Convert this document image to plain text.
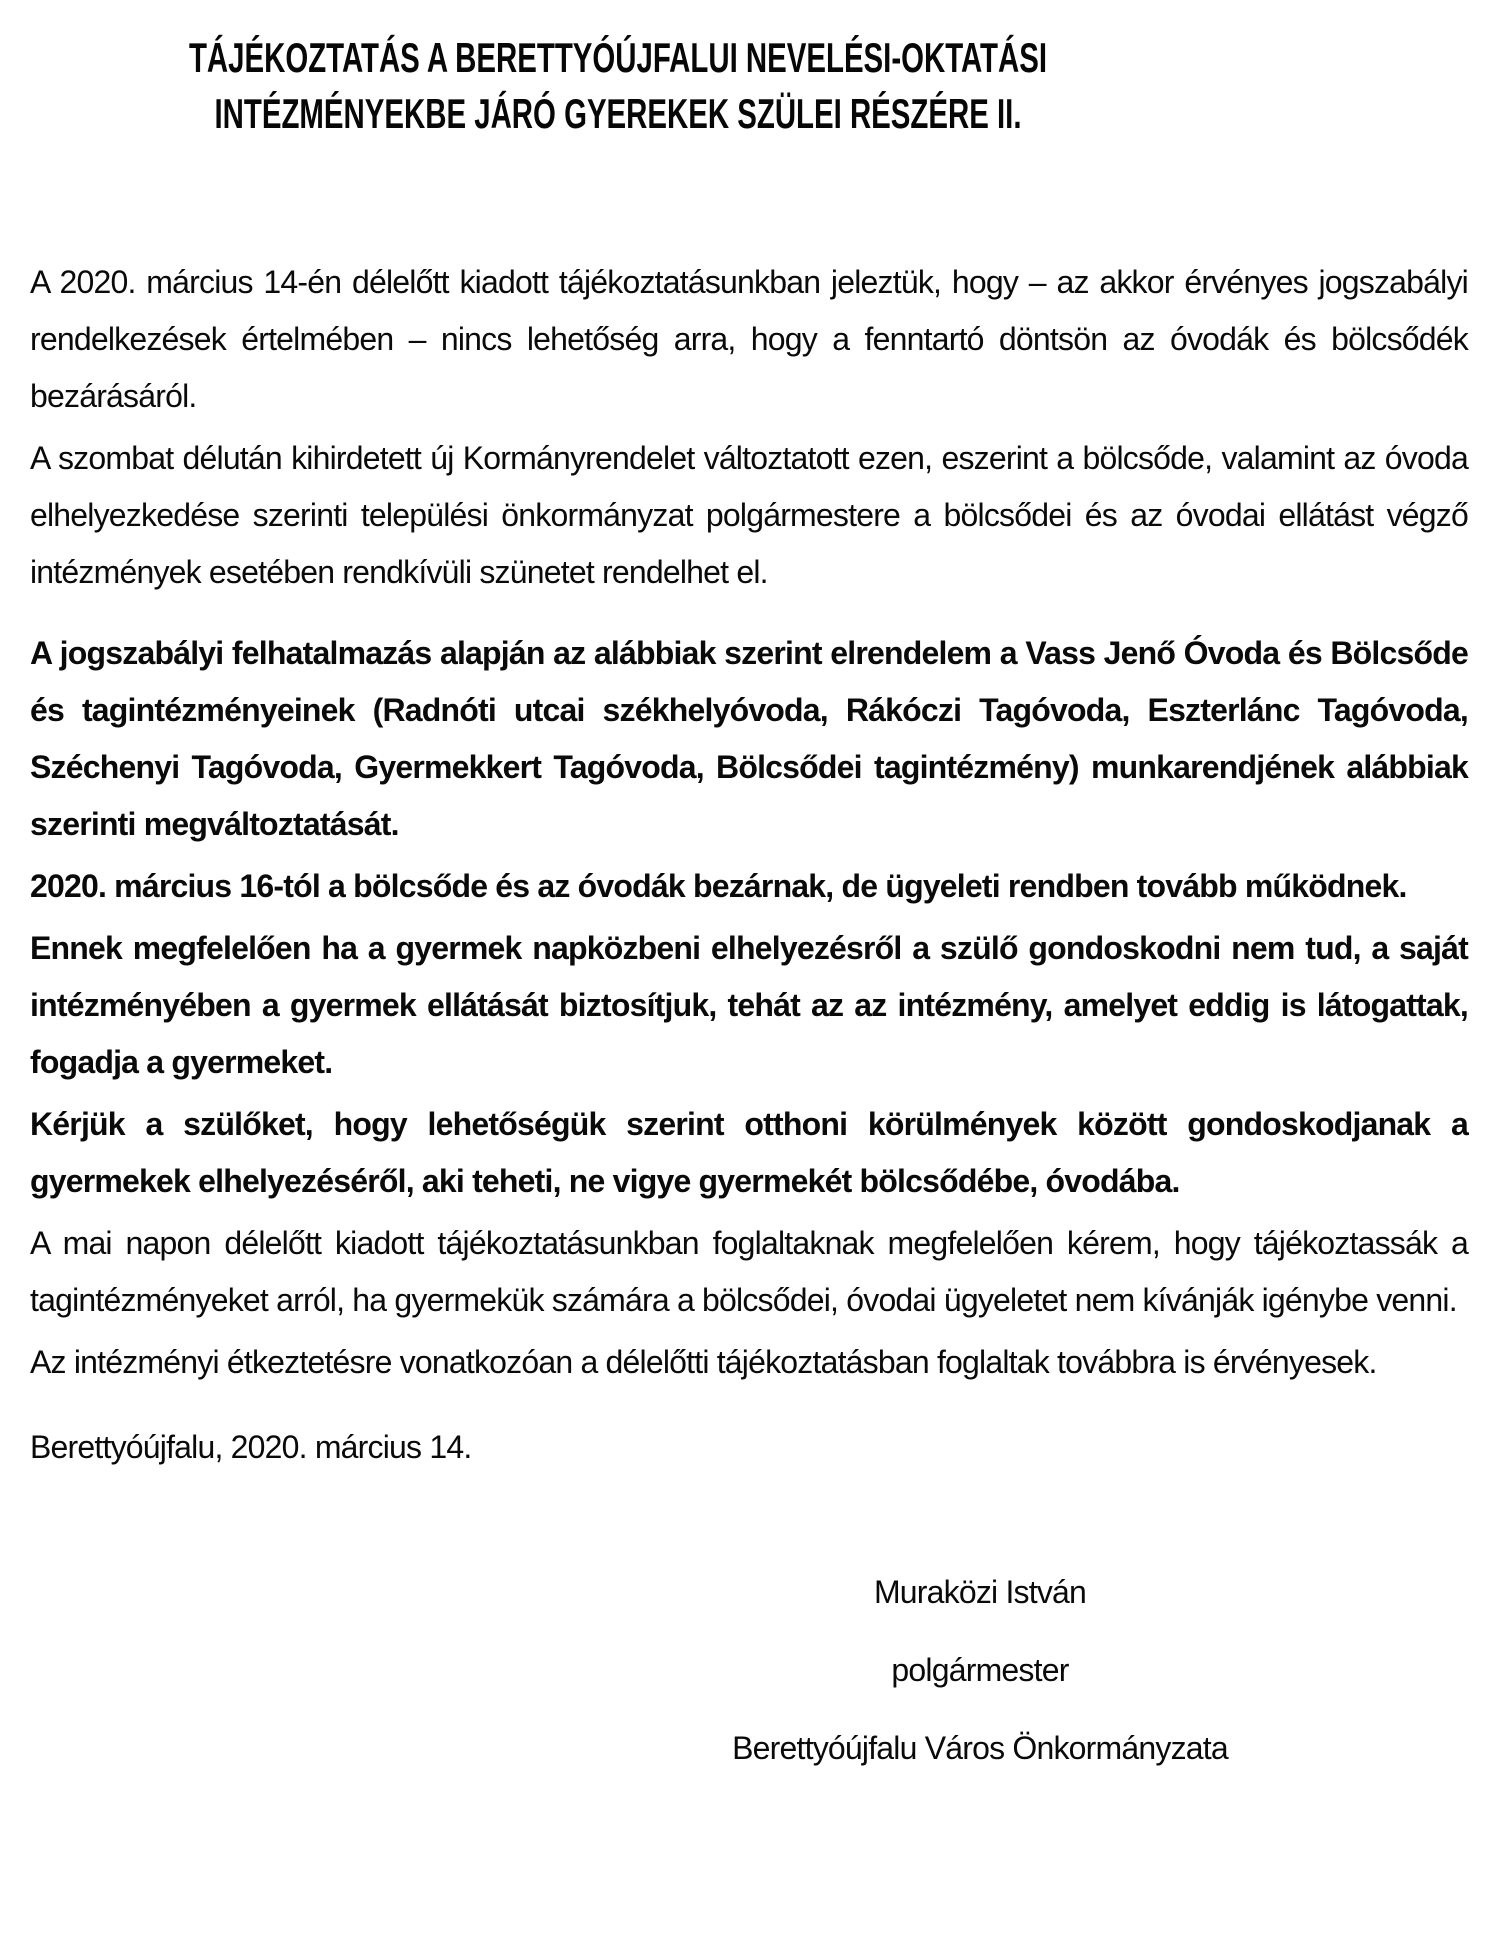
TÁJÉKOZTATÁS A BERETTYÓÚJFALUI NEVELÉSI-OKTATÁSI
INTÉZMÉNYEKBE JÁRÓ GYEREKEK SZÜLEI RÉSZÉRE II.

A 2020. március 14-én délelőtt kiadott tájékoztatásunkban jeleztük, hogy – az akkor érvényes jogszabályi rendelkezések értelmében – nincs lehetőség arra, hogy a fenntartó döntsön az óvodák és bölcsődék bezárásáról.

A szombat délután kihirdetett új Kormányrendelet változtatott ezen, eszerint a bölcsőde, valamint az óvoda elhelyezkedése szerinti települési önkormányzat polgármestere a bölcsődei és az óvodai ellátást végző intézmények esetében rendkívüli szünetet rendelhet el.

A jogszabályi felhatalmazás alapján az alábbiak szerint elrendelem a Vass Jenő Óvoda és Bölcsőde és tagintézményeinek (Radnóti utcai székhelyóvoda, Rákóczi Tagóvoda, Eszterlánc Tagóvoda, Széchenyi Tagóvoda, Gyermekkert Tagóvoda, Bölcsődei tagintézmény) munkarendjének alábbiak szerinti megváltoztatását.

2020. március 16-tól a bölcsőde és az óvodák bezárnak, de ügyeleti rendben tovább működnek.

Ennek megfelelően ha a gyermek napközbeni elhelyezésről a szülő gondoskodni nem tud, a saját intézményében a gyermek ellátását biztosítjuk, tehát az az intézmény, amelyet eddig is látogattak, fogadja a gyermeket.

Kérjük a szülőket, hogy lehetőségük szerint otthoni körülmények között gondoskodjanak a gyermekek elhelyezéséről, aki teheti, ne vigye gyermekét bölcsődébe, óvodába.

A mai napon délelőtt kiadott tájékoztatásunkban foglaltaknak megfelelően kérem, hogy tájékoztassák a tagintézményeket arról, ha gyermekük számára a bölcsődei, óvodai ügyeletet nem kívánják igénybe venni.

Az intézményi étkeztetésre vonatkozóan a délelőtti tájékoztatásban foglaltak továbbra is érvényesek.

Berettyóújfalu, 2020. március 14.
Muraközi István
polgármester
Berettyóújfalu Város Önkormányzata
